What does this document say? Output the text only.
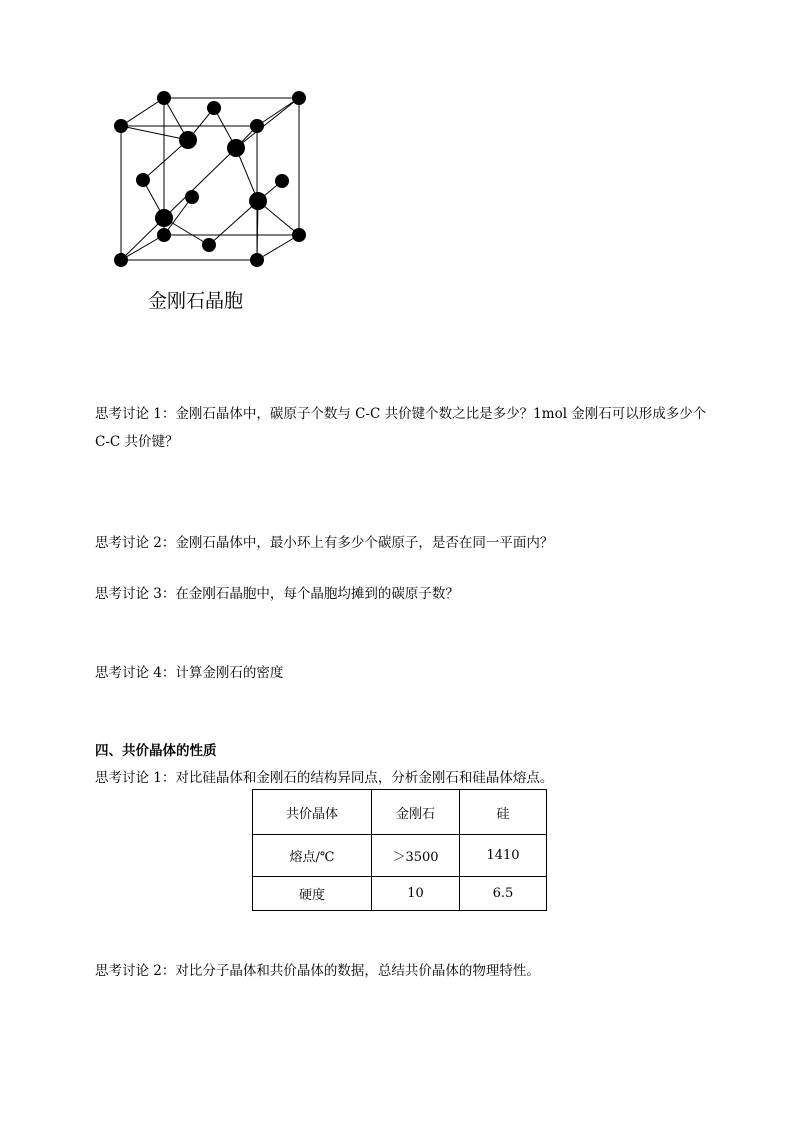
金刚石晶胞
思考讨论 1：金刚石晶体中，碳原子个数与 C-C 共价键个数之比是多少？1mol 金刚石可以形成多少个 C-C 共价键？
思考讨论 2：金刚石晶体中，最小环上有多少个碳原子，是否在同一平面内？
思考讨论 3：在金刚石晶胞中，每个晶胞均摊到的碳原子数？
思考讨论 4：计算金刚石的密度
四、共价晶体的性质
思考讨论 1：对比硅晶体和金刚石的结构异同点，分析金刚石和硅晶体熔点。
共价晶体	金刚石	硅
熔点/℃	＞3500	1410
硬度	10	6.5
思考讨论 2：对比分子晶体和共价晶体的数据，总结共价晶体的物理特性。
